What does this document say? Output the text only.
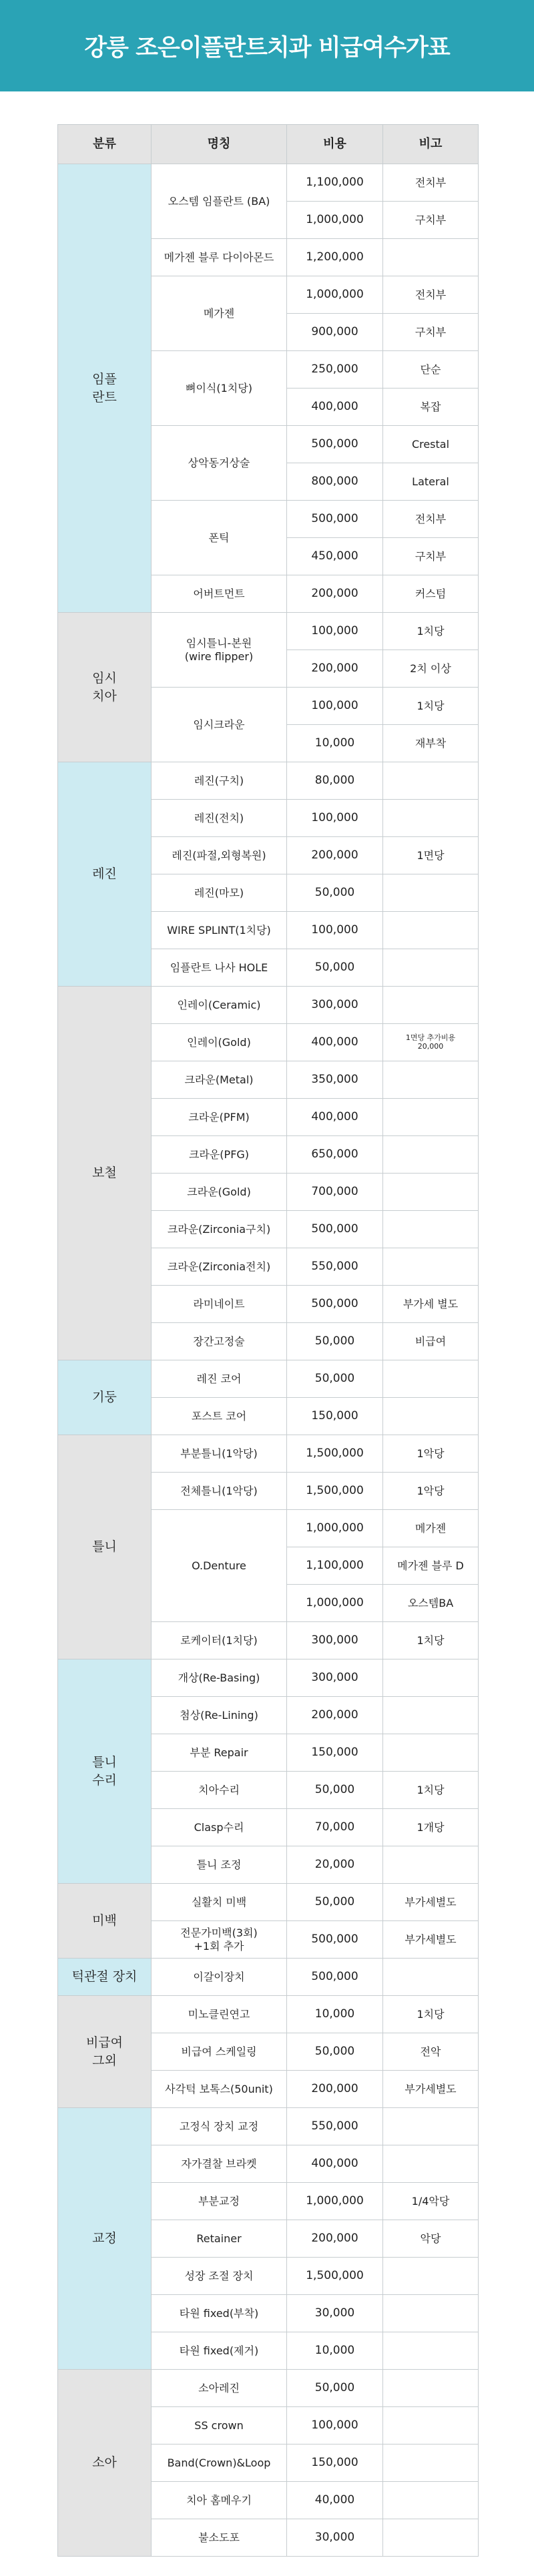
강릉 조은이플란트치과 비급여수가표
분류	명칭	비용	비고
임플
란트	오스템 임플란트 (BA)	1,100,000	전치부
		1,000,000	구치부
	메가젠 블루 다이아몬드	1,200,000	
	메가젠	1,000,000	전치부
		900,000	구치부
	뼈이식(1치당)	250,000	단순
		400,000	복잡
	상악동거상술	500,000	Crestal
		800,000	Lateral
	폰틱	500,000	전치부
		450,000	구치부
	어버트먼트	200,000	커스텀
임시
치아	임시틀니-본원
(wire flipper)	100,000	1치당
		200,000	2치 이상
	임시크라운	100,000	1치당
		10,000	재부착
레진	레진(구치)	80,000	
	레진(전치)	100,000	
	레진(파절,외형복원)	200,000	1면당
	레진(마모)	50,000	
	WIRE SPLINT(1치당)	100,000	
	임플란트 나사 HOLE	50,000	
보철	인레이(Ceramic)	300,000	
	인레이(Gold)	400,000	1면당 추가비용
20,000
	크라운(Metal)	350,000	
	크라운(PFM)	400,000	
	크라운(PFG)	650,000	
	크라운(Gold)	700,000	
	크라운(Zirconia구치)	500,000	
	크라운(Zirconia전치)	550,000	
	라미네이트	500,000	부가세 별도
	장간고정술	50,000	비급여
기둥	레진 코어	50,000	
	포스트 코어	150,000	
틀니	부분틀니(1악당)	1,500,000	1악당
	전체틀니(1악당)	1,500,000	1악당
	O.Denture	1,000,000	메가젠
		1,100,000	메가젠 블루 D
		1,000,000	오스템BA
	로케이터(1치당)	300,000	1치당
틀니
수리	개상(Re-Basing)	300,000	
	첨상(Re-Lining)	200,000	
	부분 Repair	150,000	
	치아수리	50,000	1치당
	Clasp수리	70,000	1개당
	틀니 조정	20,000	
미백	실활치 미백	50,000	부가세별도
	전문가미백(3회)
+1회 추가	500,000	부가세별도
턱관절 장치	이갈이장치	500,000	
비급여
그외	미노클린연고	10,000	1치당
	비급여 스케일링	50,000	전악
	사각턱 보톡스(50unit)	200,000	부가세별도
교정	고정식 장치 교정	550,000	
	자가결찰 브라켓	400,000	
	부분교정	1,000,000	1/4악당
	Retainer	200,000	악당
	성장 조절 장치	1,500,000	
	타원 fixed(부착)	30,000	
	타원 fixed(제거)	10,000	
소아	소아레진	50,000	
	SS crown	100,000	
	Band(Crown)&Loop	150,000	
	치아 홈메우기	40,000	
	불소도포	30,000	
